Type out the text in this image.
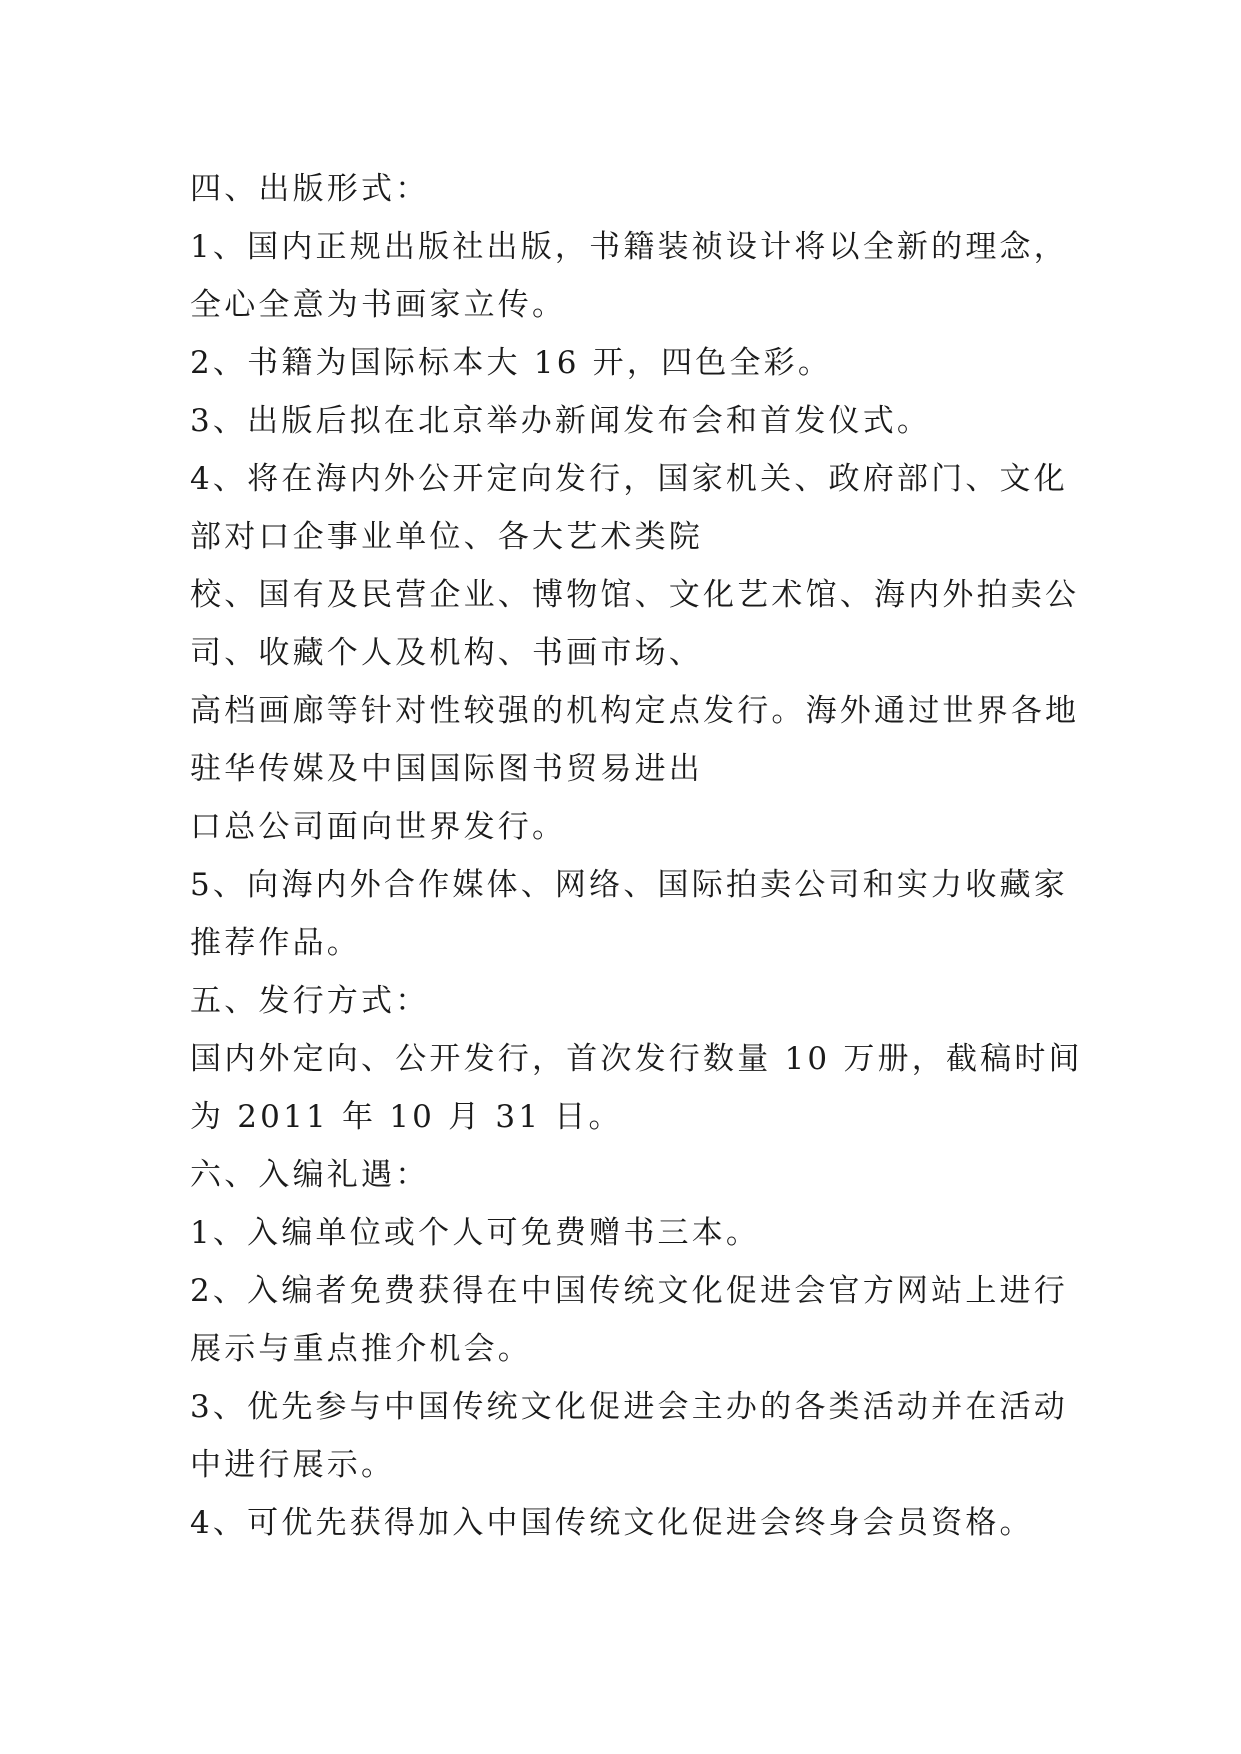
四、出版形式：
1、国内正规出版社出版，书籍装祯设计将以全新的理念，
全心全意为书画家立传。
2、书籍为国际标本大 16 开，四色全彩。
3、出版后拟在北京举办新闻发布会和首发仪式。
4、将在海内外公开定向发行，国家机关、政府部门、文化
部对口企事业单位、各大艺术类院
校、国有及民营企业、博物馆、文化艺术馆、海内外拍卖公
司、收藏个人及机构、书画市场、
高档画廊等针对性较强的机构定点发行。海外通过世界各地
驻华传媒及中国国际图书贸易进出
口总公司面向世界发行。
5、向海内外合作媒体、网络、国际拍卖公司和实力收藏家
推荐作品。
五、发行方式：
国内外定向、公开发行，首次发行数量 10 万册，截稿时间
为 2011 年 10 月 31 日。
六、入编礼遇：
1、入编单位或个人可免费赠书三本。
2、入编者免费获得在中国传统文化促进会官方网站上进行
展示与重点推介机会。
3、优先参与中国传统文化促进会主办的各类活动并在活动
中进行展示。
4、可优先获得加入中国传统文化促进会终身会员资格。
